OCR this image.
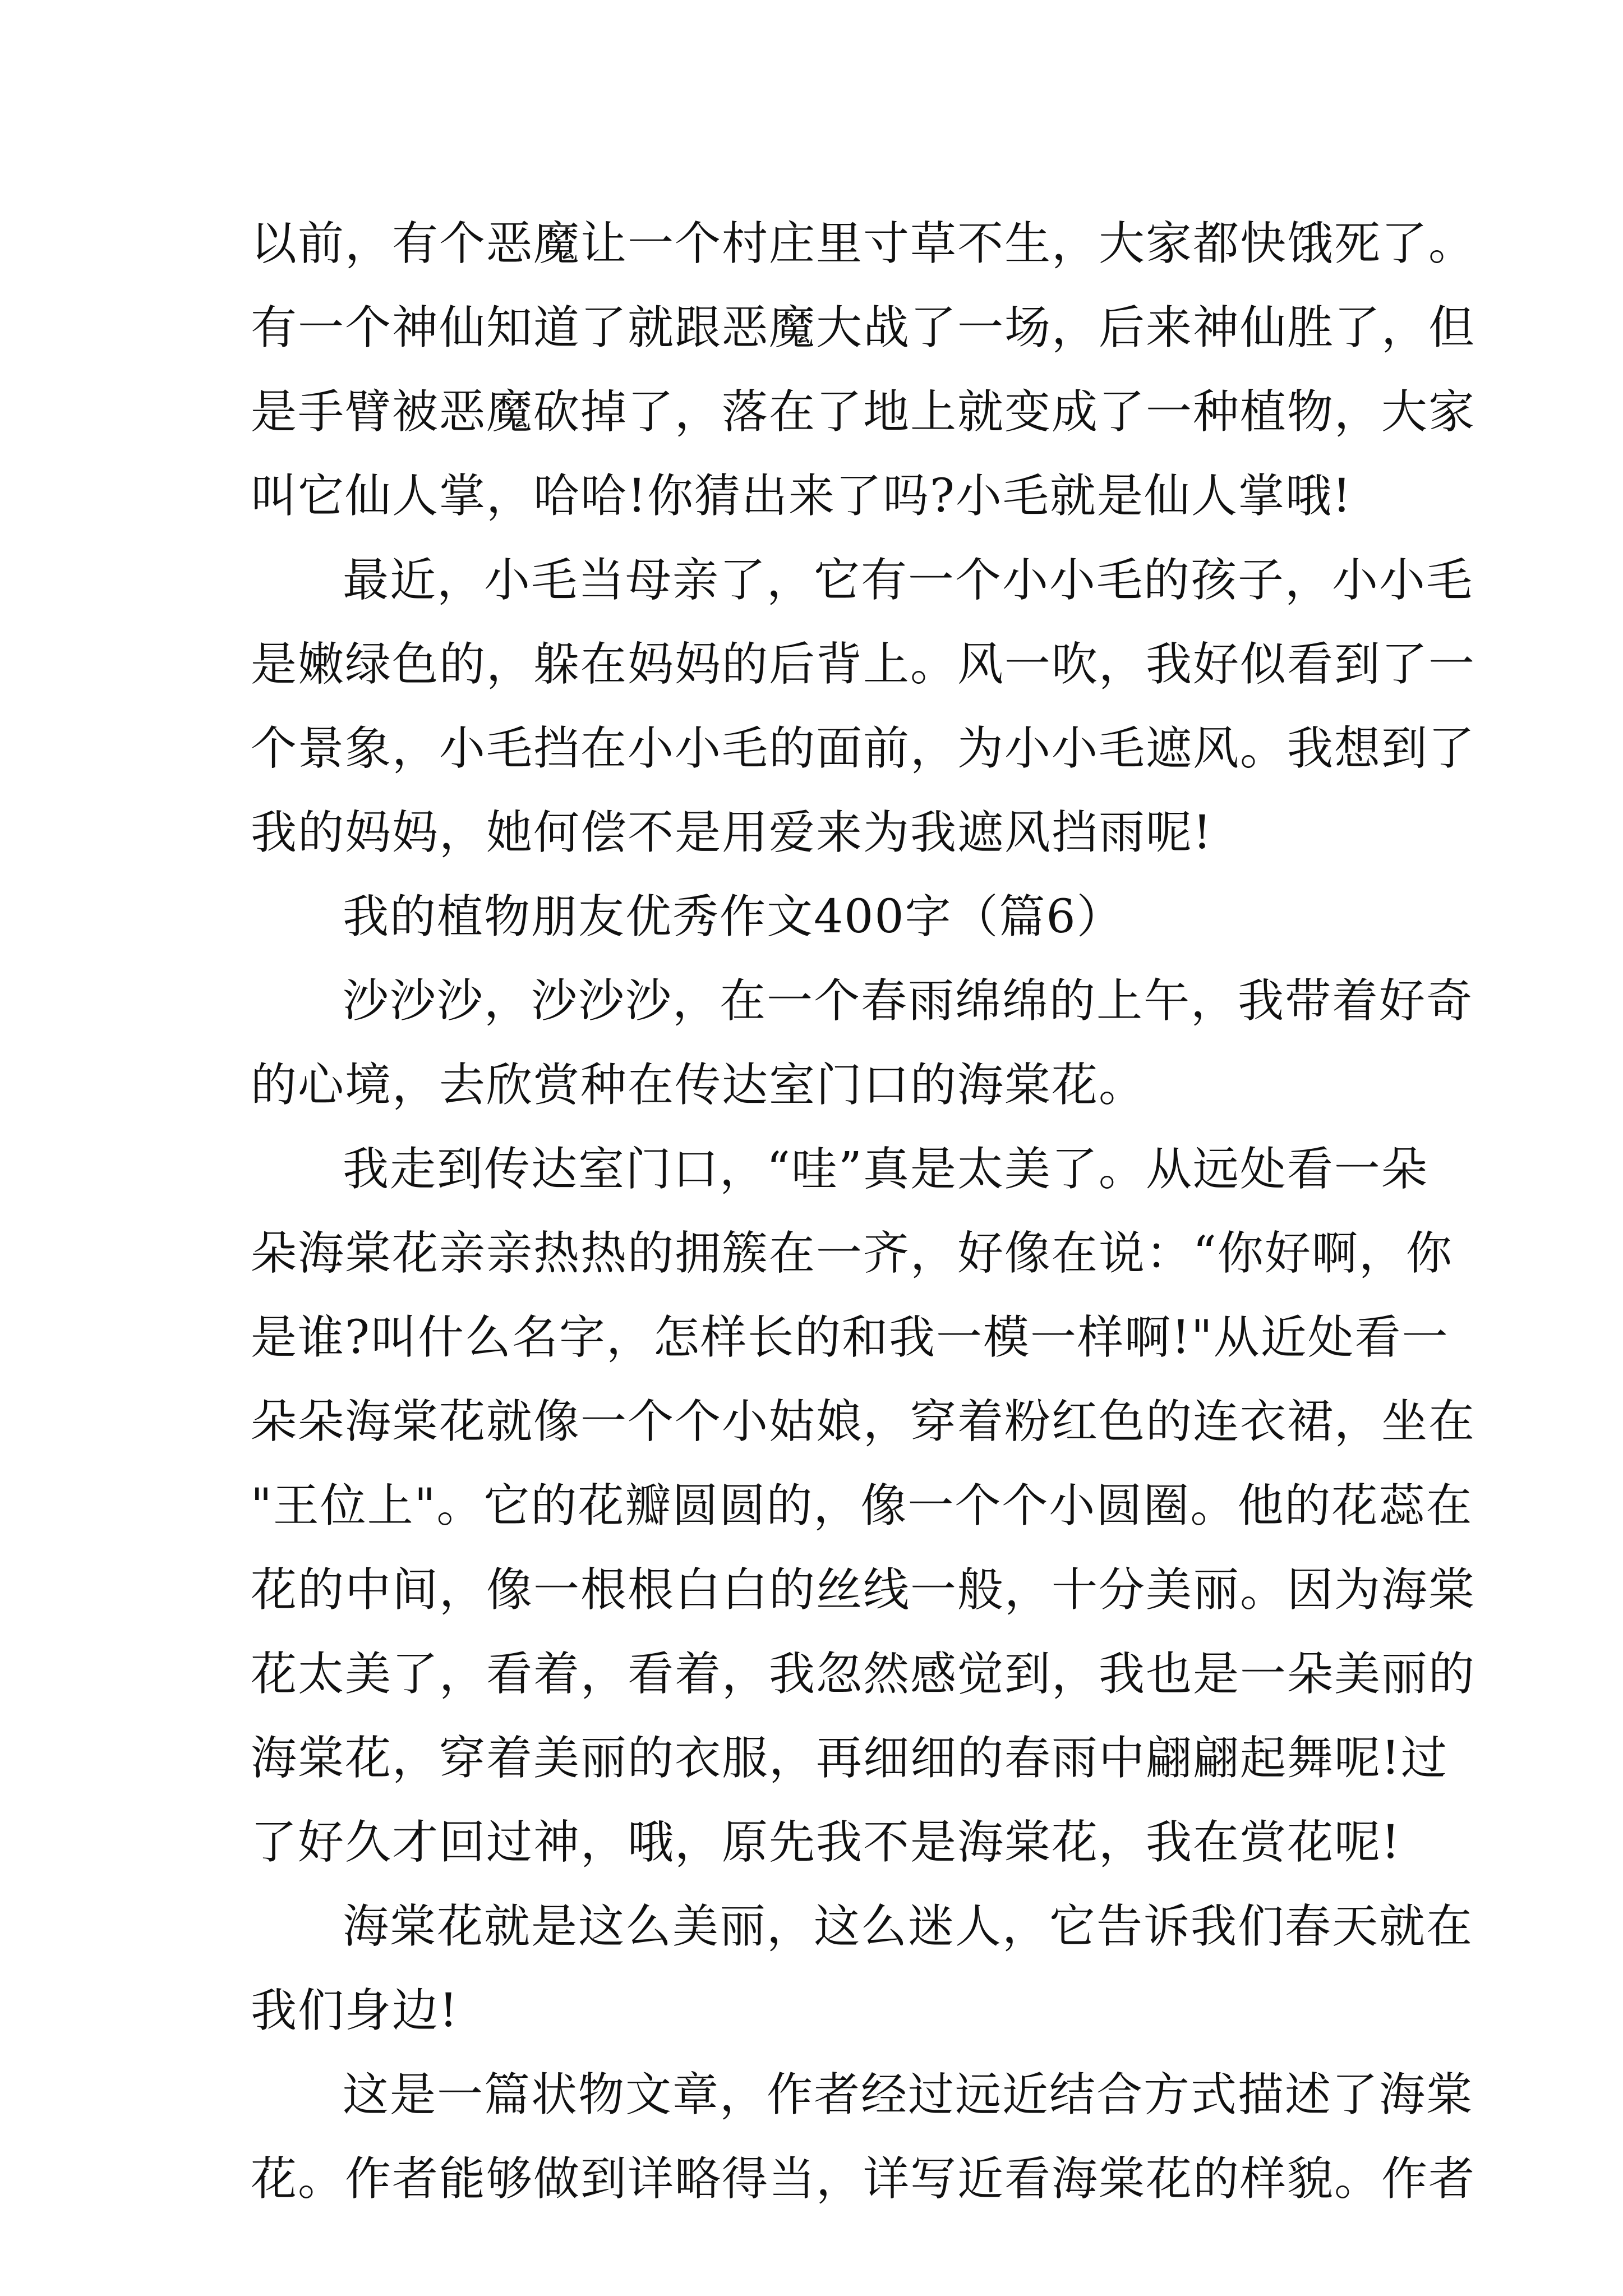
以前，有个恶魔让一个村庄里寸草不生，大家都快饿死了。
有一个神仙知道了就跟恶魔大战了一场，后来神仙胜了，但
是手臂被恶魔砍掉了，落在了地上就变成了一种植物，大家
叫它仙人掌，哈哈!你猜出来了吗?小毛就是仙人掌哦!
最近，小毛当母亲了，它有一个小小毛的孩子，小小毛
是嫩绿色的，躲在妈妈的后背上。风一吹，我好似看到了一
个景象，小毛挡在小小毛的面前，为小小毛遮风。我想到了
我的妈妈，她何偿不是用爱来为我遮风挡雨呢!
我的植物朋友优秀作文400字（篇6）
沙沙沙，沙沙沙，在一个春雨绵绵的上午，我带着好奇
的心境，去欣赏种在传达室门口的海棠花。
我走到传达室门口，“哇”真是太美了。从远处看一朵
朵海棠花亲亲热热的拥簇在一齐，好像在说：“你好啊，你
是谁?叫什么名字，怎样长的和我一模一样啊!"从近处看一
朵朵海棠花就像一个个小姑娘，穿着粉红色的连衣裙，坐在
"王位上"。它的花瓣圆圆的，像一个个小圆圈。他的花蕊在
花的中间，像一根根白白的丝线一般，十分美丽。因为海棠
花太美了，看着，看着，我忽然感觉到，我也是一朵美丽的
海棠花，穿着美丽的衣服，再细细的春雨中翩翩起舞呢!过
了好久才回过神，哦，原先我不是海棠花，我在赏花呢!
海棠花就是这么美丽，这么迷人，它告诉我们春天就在
我们身边!
这是一篇状物文章，作者经过远近结合方式描述了海棠
花。作者能够做到详略得当，详写近看海棠花的样貌。作者
